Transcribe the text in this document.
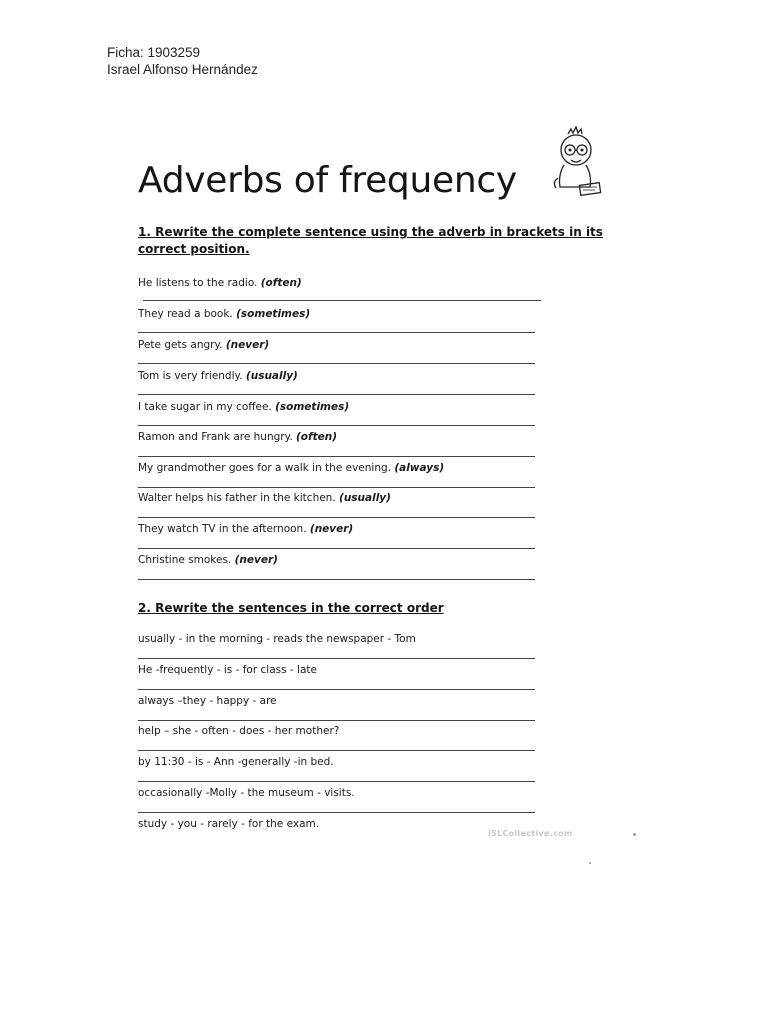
Ficha: 1903259
Israel Alfonso Hernández
Adverbs of frequency
1. Rewrite the complete sentence using the adverb in brackets in its
correct position.
He listens to the radio. (often)
They read a book. (sometimes)
Pete gets angry. (never)
Tom is very friendly. (usually)
I take sugar in my coffee. (sometimes)
Ramon and Frank are hungry. (often)
My grandmother goes for a walk in the evening. (always)
Walter helps his father in the kitchen. (usually)
They watch TV in the afternoon. (never)
Christine smokes. (never)
2. Rewrite the sentences in the correct order
usually - in the morning - reads the newspaper - Tom
He -frequently - is - for class - late
always –they - happy - are
help – she - often - does - her mother?
by 11:30 - is - Ann -generally -in bed.
occasionally -Molly - the museum - visits.
study - you - rarely - for the exam.
iSLCollective.com
